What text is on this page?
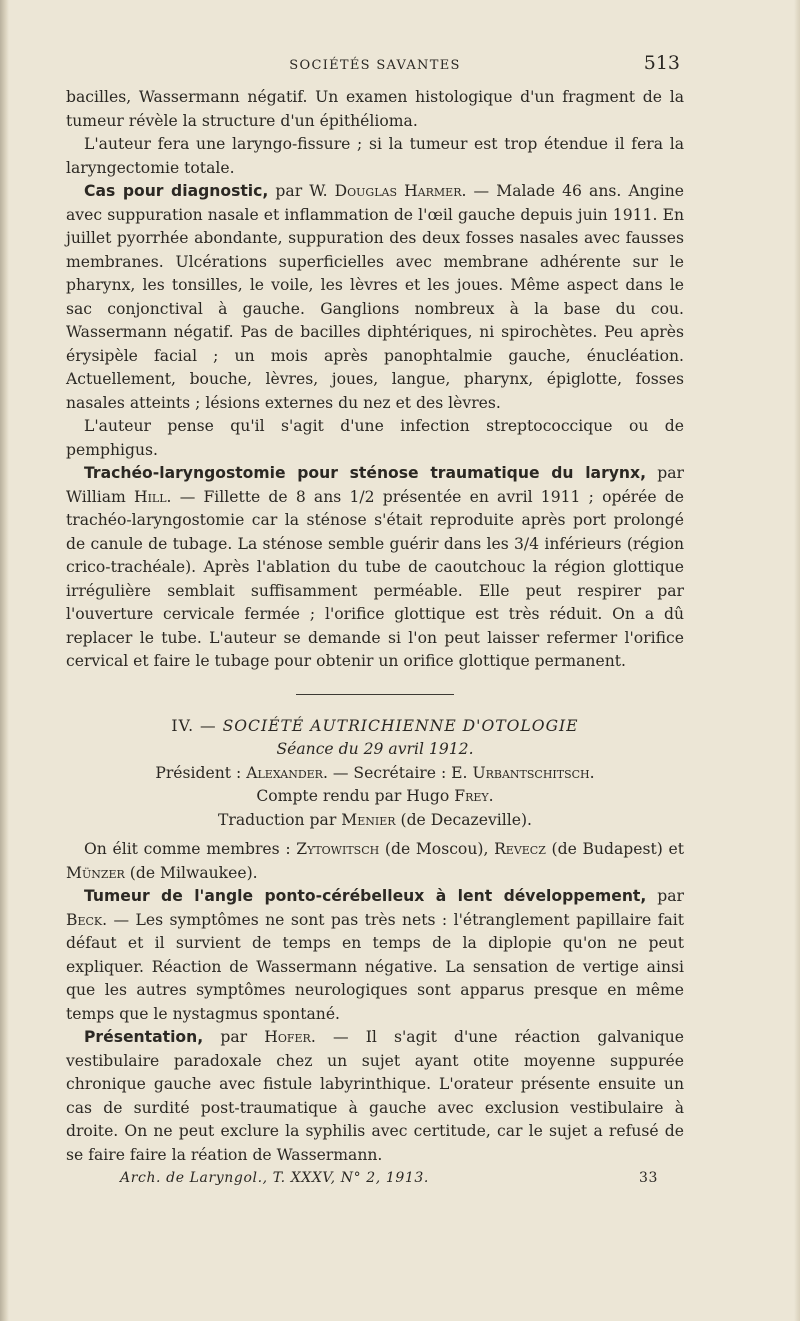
SOCIÉTÉS SAVANTES	513

bacilles, Wassermann négatif. Un examen histologique d'un fragment de la tumeur révèle la structure d'un épithélioma.

L'auteur fera une laryngo-fissure ; si la tumeur est trop étendue il fera la laryngectomie totale.

Cas pour diagnostic, par W. Douglas Harmer. — Malade 46 ans. Angine avec suppuration nasale et inflammation de l'œil gauche depuis juin 1911. En juillet pyorrhée abondante, suppuration des deux fosses nasales avec fausses membranes. Ulcérations superficielles avec membrane adhérente sur le pharynx, les tonsilles, le voile, les lèvres et les joues. Même aspect dans le sac conjonctival à gauche. Ganglions nombreux à la base du cou. Wassermann négatif. Pas de bacilles diphtériques, ni spirochètes. Peu après érysipèle facial ; un mois après panophtalmie gauche, énucléation. Actuellement, bouche, lèvres, joues, langue, pharynx, épiglotte, fosses nasales atteints ; lésions externes du nez et des lèvres.

L'auteur pense qu'il s'agit d'une infection streptococcique ou de pemphigus.

Trachéo-laryngostomie pour sténose traumatique du larynx, par William Hill. — Fillette de 8 ans 1/2 présentée en avril 1911 ; opérée de trachéo-laryngostomie car la sténose s'était reproduite après port prolongé de canule de tubage. La sténose semble guérir dans les 3/4 inférieurs (région crico-trachéale). Après l'ablation du tube de caoutchouc la région glottique irrégulière semblait suffisamment perméable. Elle peut respirer par l'ouverture cervicale fermée ; l'orifice glottique est très réduit. On a dû replacer le tube. L'auteur se demande si l'on peut laisser refermer l'orifice cervical et faire le tubage pour obtenir un orifice glottique permanent.

IV. — SOCIÉTÉ AUTRICHIENNE D'OTOLOGIE
Séance du 29 avril 1912.
Président : Alexander. — Secrétaire : E. Urbantschitsch.
Compte rendu par Hugo Frey.
Traduction par Menier (de Decazeville).

On élit comme membres : Zytowitsch (de Moscou), Revecz (de Budapest) et Münzer (de Milwaukee).

Tumeur de l'angle ponto-cérébelleux à lent développement, par Beck. — Les symptômes ne sont pas très nets : l'étranglement papillaire fait défaut et il survient de temps en temps de la diplopie qu'on ne peut expliquer. Réaction de Wassermann négative. La sensation de vertige ainsi que les autres symptômes neurologiques sont apparus presque en même temps que le nystagmus spontané.

Présentation, par Hofer. — Il s'agit d'une réaction galvanique vestibulaire paradoxale chez un sujet ayant otite moyenne suppurée chronique gauche avec fistule labyrinthique. L'orateur présente ensuite un cas de surdité post-traumatique à gauche avec exclusion vestibulaire à droite. On ne peut exclure la syphilis avec certitude, car le sujet a refusé de se faire faire la réation de Wassermann.

Arch. de Laryngol., T. XXXV, N° 2, 1913.	33
